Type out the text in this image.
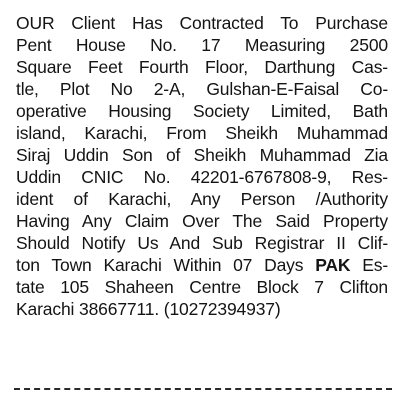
OUR Client Has Contracted To Purchase
Pent House No. 17 Measuring 2500
Square Feet Fourth Floor, Darthung Cas-
tle, Plot No 2-A, Gulshan-E-Faisal Co-
operative Housing Society Limited, Bath
island, Karachi, From Sheikh Muhammad
Siraj Uddin Son of Sheikh Muhammad Zia
Uddin CNIC No. 42201-6767808-9, Res-
ident of Karachi, Any Person /Authority
Having Any Claim Over The Said Property
Should Notify Us And Sub Registrar II Clif-
ton Town Karachi Within 07 Days PAK Es-
tate 105 Shaheen Centre Block 7 Clifton
Karachi 38667711. (10272394937)
